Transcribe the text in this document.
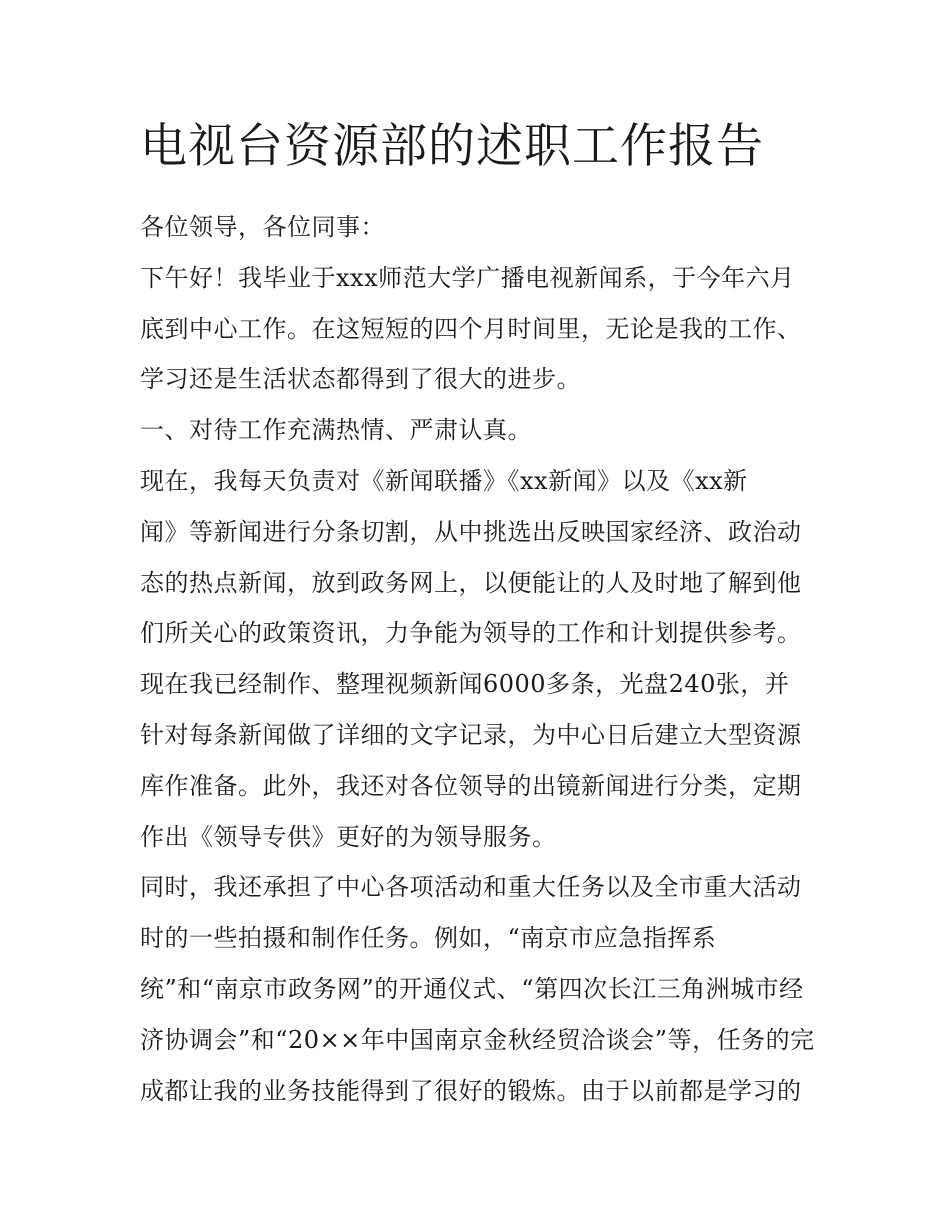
电视台资源部的述职工作报告
各位领导，各位同事：
下午好！我毕业于xxx师范大学广播电视新闻系，于今年六月
底到中心工作。在这短短的四个月时间里，无论是我的工作、
学习还是生活状态都得到了很大的进步。
一、对待工作充满热情、严肃认真。
现在，我每天负责对《新闻联播》《xx新闻》以及《xx新
闻》等新闻进行分条切割，从中挑选出反映国家经济、政治动
态的热点新闻，放到政务网上，以便能让的人及时地了解到他
们所关心的政策资讯，力争能为领导的工作和计划提供参考。
现在我已经制作、整理视频新闻6000多条，光盘240张，并
针对每条新闻做了详细的文字记录，为中心日后建立大型资源
库作准备。此外，我还对各位领导的出镜新闻进行分类，定期
作出《领导专供》更好的为领导服务。
同时，我还承担了中心各项活动和重大任务以及全市重大活动
时的一些拍摄和制作任务。例如，“南京市应急指挥系
统”和“南京市政务网”的开通仪式、“第四次长江三角洲城市经
济协调会”和“20××年中国南京金秋经贸洽谈会”等，任务的完
成都让我的业务技能得到了很好的锻炼。由于以前都是学习的
